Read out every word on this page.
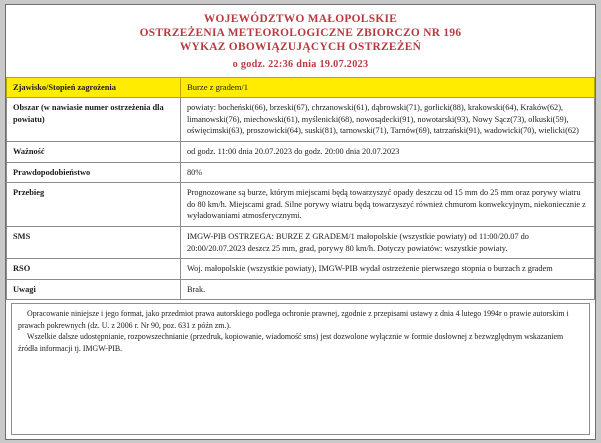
WOJEWÓDZTWO MAŁOPOLSKIE
OSTRZEŻENIA METEOROLOGICZNE ZBIORCZO NR 196
WYKAZ OBOWIĄZUJĄCYCH OSTRZEŻEŃ
o godz. 22:36 dnia 19.07.2023
Zjawisko/Stopień zagrożenia	Burze z gradem/1
Obszar (w nawiasie numer ostrzeżenia dla powiatu)	powiaty: bocheński(66), brzeski(67), chrzanowski(61), dąbrowski(71), gorlicki(88), krakowski(64), Kraków(62), limanowski(76), miechowski(61), myślenicki(68), nowosądecki(91), nowotarski(93), Nowy Sącz(73), olkuski(59), oświęcimski(63), proszowicki(64), suski(81), tarnowski(71), Tarnów(69), tatrzański(91), wadowicki(70), wielicki(62)
Ważność	od godz. 11:00 dnia 20.07.2023 do godz. 20:00 dnia 20.07.2023
Prawdopodobieństwo	80%
Przebieg	Prognozowane są burze, którym miejscami będą towarzyszyć opady deszczu od 15 mm do 25 mm oraz porywy wiatru do 80 km/h. Miejscami grad. Silne porywy wiatru będą towarzyszyć również chmurom konwekcyjnym, niekoniecznie z wyładowaniami atmosferycznymi.
SMS	IMGW-PIB OSTRZEGA: BURZE Z GRADEM/1 małopolskie (wszystkie powiaty) od 11:00/20.07 do 20:00/20.07.2023 deszcz 25 mm, grad, porywy 80 km/h. Dotyczy powiatów: wszystkie powiaty.
RSO	Woj. małopolskie (wszystkie powiaty), IMGW-PIB wydał ostrzeżenie pierwszego stopnia o burzach z gradem
Uwagi	Brak.

Opracowanie niniejsze i jego format, jako przedmiot prawa autorskiego podlega ochronie prawnej, zgodnie z przepisami ustawy z dnia 4 lutego 1994r o prawie autorskim i prawach pokrewnych (dz. U. z 2006 r. Nr 90, poz. 631 z późn zm.).

Wszelkie dalsze udostępnianie, rozpowszechnianie (przedruk, kopiowanie, wiadomość sms) jest dozwolone wyłącznie w formie dosłownej z bezwzględnym wskazaniem źródła informacji tj. IMGW-PIB.
